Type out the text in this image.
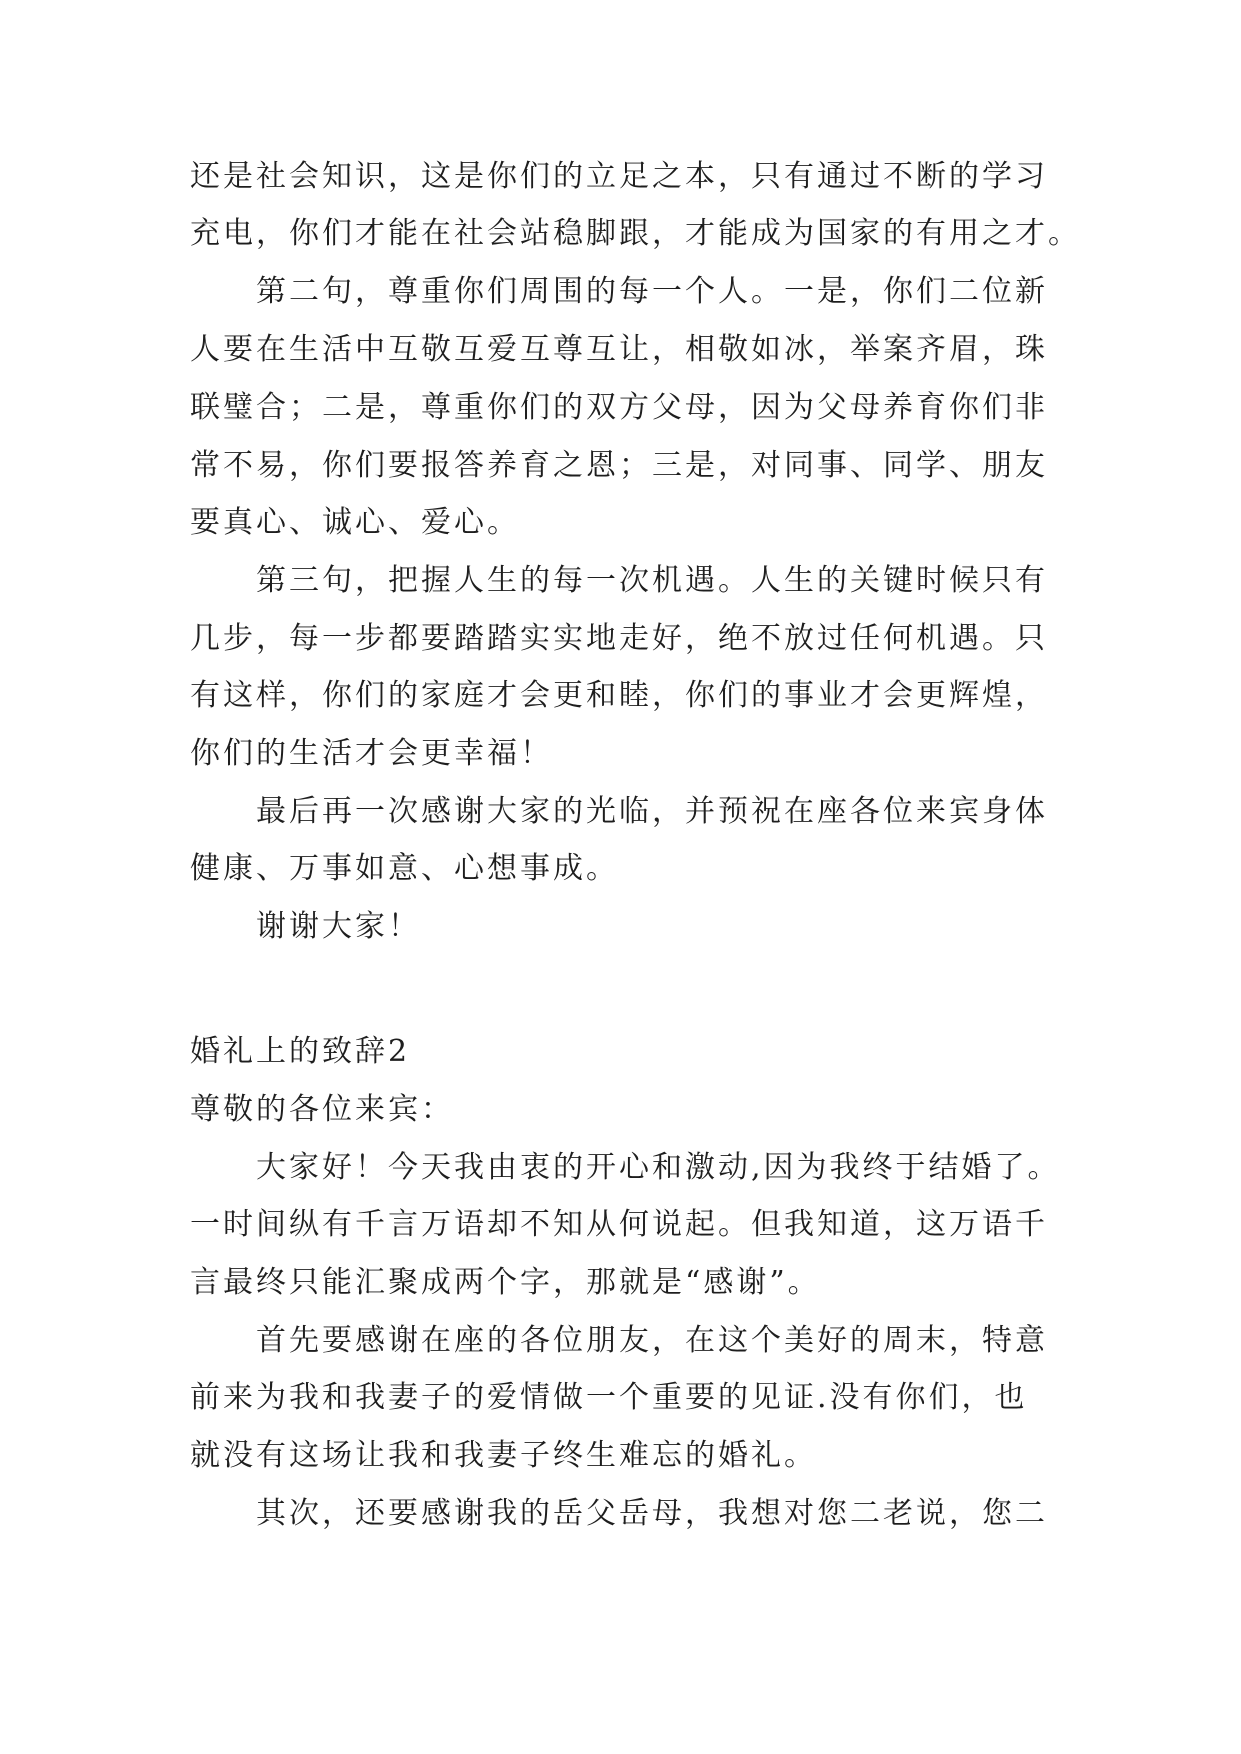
还是社会知识，这是你们的立足之本，只有通过不断的学习
充电，你们才能在社会站稳脚跟，才能成为国家的有用之才。
第二句，尊重你们周围的每一个人。一是，你们二位新
人要在生活中互敬互爱互尊互让，相敬如冰，举案齐眉，珠
联璧合；二是，尊重你们的双方父母，因为父母养育你们非
常不易，你们要报答养育之恩；三是，对同事、同学、朋友
要真心、诚心、爱心。
第三句，把握人生的每一次机遇。人生的关键时候只有
几步，每一步都要踏踏实实地走好，绝不放过任何机遇。只
有这样，你们的家庭才会更和睦，你们的事业才会更辉煌，
你们的生活才会更幸福！
最后再一次感谢大家的光临，并预祝在座各位来宾身体
健康、万事如意、心想事成。
谢谢大家！
婚礼上的致辞2
尊敬的各位来宾：
大家好！今天我由衷的开心和激动,因为我终于结婚了。
一时间纵有千言万语却不知从何说起。但我知道，这万语千
言最终只能汇聚成两个字，那就是“感谢”。
首先要感谢在座的各位朋友，在这个美好的周末，特意
前来为我和我妻子的爱情做一个重要的见证.没有你们，也
就没有这场让我和我妻子终生难忘的婚礼。
其次，还要感谢我的岳父岳母，我想对您二老说，您二
